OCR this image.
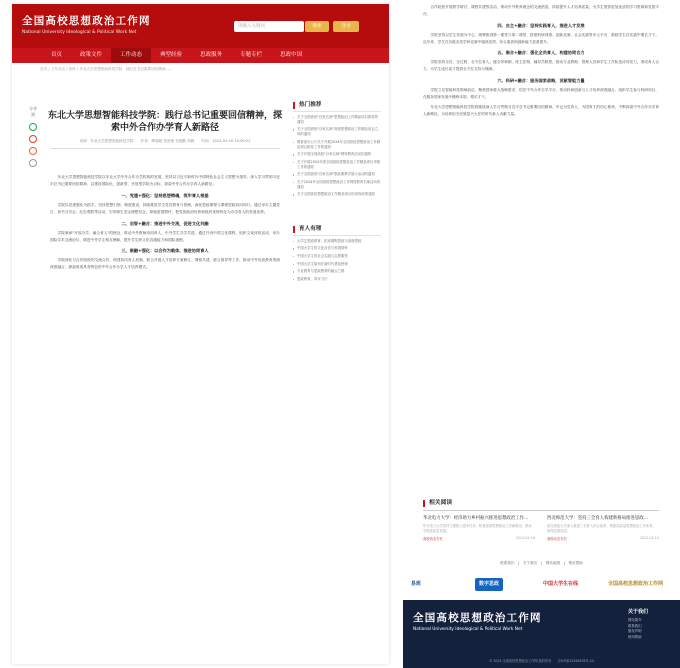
全国高校思想政治工作网
National University Ideological & Political Work Net
请输入关键词	搜索	登录
首页	政策文件	工作动态	典型经验	思政服务	专题专栏	思政中国
首页 / 工作动态 / 高校 / 东北大学思想智能科技学院：践行总书记重要回信精神……
分享到	东北大学思想智能科技学院：践行总书记重要回信精神，探索中外合作办学育人新路径
来源：东北大学思想智能科技学院　　作者：辉瑞版 张爱理 吴德勤 刘媛　　时间：2024-04-16 15:09:22

东北大学思想智能科技学院以东北大学中外合作办学机构的发展，坚持以习近平新时代中国特色社会主义思想为指导，深入学习贯彻习近平总书记重要回信精神，以建设国际化、创新型、开放型学院为目标，探索中外合作办学育人新路径。

一、党建+强化：坚持思想铸魂，筑牢育人根基

学院以党建强化为抓手，坚持思想引领、制度建设，持续推进学生党员教育与管理，深化思政课程与课程思政同向同行。通过举办主题党日、读书分享会、红色观影等活动，引导师生坚定理想信念，厚植爱国情怀，把党的政治优势和组织优势转化为办学育人的发展优势。

二、启智+融合：推进中外交流，促进文化共融

学院秉承"开放办学、融合育人"的理念，推动中外教师协同育人、中外学生共学共进。通过开设中国文化课程、组织文化体验活动、举办国际学术交流论坛，增进中外学生相互理解，提升学生跨文化沟通能力和国际视野。

三、聚融+强化：以合作为载体，推进协同育人

学院深化与合作院校的交流合作，构建协同育人机制，联合开展人才培养方案修订、课程共建、联合指导等工作，推动中外优质教育资源深度融合，探索形成具有特色的中外合作办学人才培养模式。

热门推荐
关于全国高校"百家名师"思想政治工作精品项目推荐的通知
关于全国高校"百家名师"高校思想政治工作精品项目立项的通知
教育部办公厅关于开展2024年全国高校思想政治工作精品项目推荐工作的通知
关于开展全国高校"百家名师"网络教育活动的通知
关于开展2024年度全国高校思想政治工作精品项目申报工作的通知
关于全国高校"百家名师"思政课教学展示活动的通知
关于2024年全国高校思想政治工作网络教育名师活动的通知
关于全国高校思想政治工作精品项目结项验收的通知
育人有理
大学生思政教育，拓宽课程思政与高校思政
中国大学生的文化自信与家国情怀
中国大学生的社会实践与志愿服务
中国大学生如何在新时代勇担使命
专业教育与思政教育的融合之路
思政教育，青年力行

合作院校开展教学研讨、课程共建等活动，推动中外教育理念的交流借鉴，持续提升人才培养质量，为学生提供更加优质的学习资源和发展平台。

四、自主+融合：坚持实践育人，推进人才发展

学院坚持以学生发展为中心，统筹推进第一课堂与第二课堂，搭建科研训练、创新竞赛、社会实践等多元平台，鼓励学生在实践中增长才干。近年来，学生在各级各类学科竞赛中屡获佳绩，综合素质和创新能力显著提升。

五、聚合+融合：强化全员育人，构建协同合力

学院坚持全员、全过程、全方位育人，健全导师制、班主任制、辅导员制度，推动专业教师、管理人员和学生工作队伍协同发力，形成育人合力，为学生成长成才提供全方位支持与保障。

六、科研+融合：服务国家战略，贡献智能力量

学院立足智能科技领域前沿，聚焦国家重大战略需求，依托中外合作办学平台，推动科研创新与人才培养深度融合，组织学生参与科研项目，在服务国家发展中锤炼本领、增长才干。

东北大学思想智能科技学院将继续深入学习贯彻习近平总书记重要回信精神，牢记为党育人、为国育才的初心使命，不断探索中外合作办学育人新路径，为培养担当民族复兴大任的时代新人贡献力量。

相关阅读
华北电力大学：经济助力乡村振兴推进思想政治工作…
华北电力大学坚持立德树人根本任务，积极探索思想政治工作新路径，推动学校高质量发展。
高校动态专栏	2024-04-16
西北师范大学：坚持三全育人构建新格局推进思政…
西北师范大学深入推进三全育人综合改革，构建高质量思想政治工作体系，取得显著成效。
高校动态专栏	2024-04-15
联系我们　|　关于我们　|　网站地图　|　使用帮助
易班	数字思政	中国大学生在线	全国高校思想政治工作网
全国高校思想政治工作网
National University Ideological & Political Work Net
关于我们
网站简介
联系我们
版权声明
使用帮助
© 2024 全国高校思想政治工作网 版权所有　　京ICP备12345678号-24
